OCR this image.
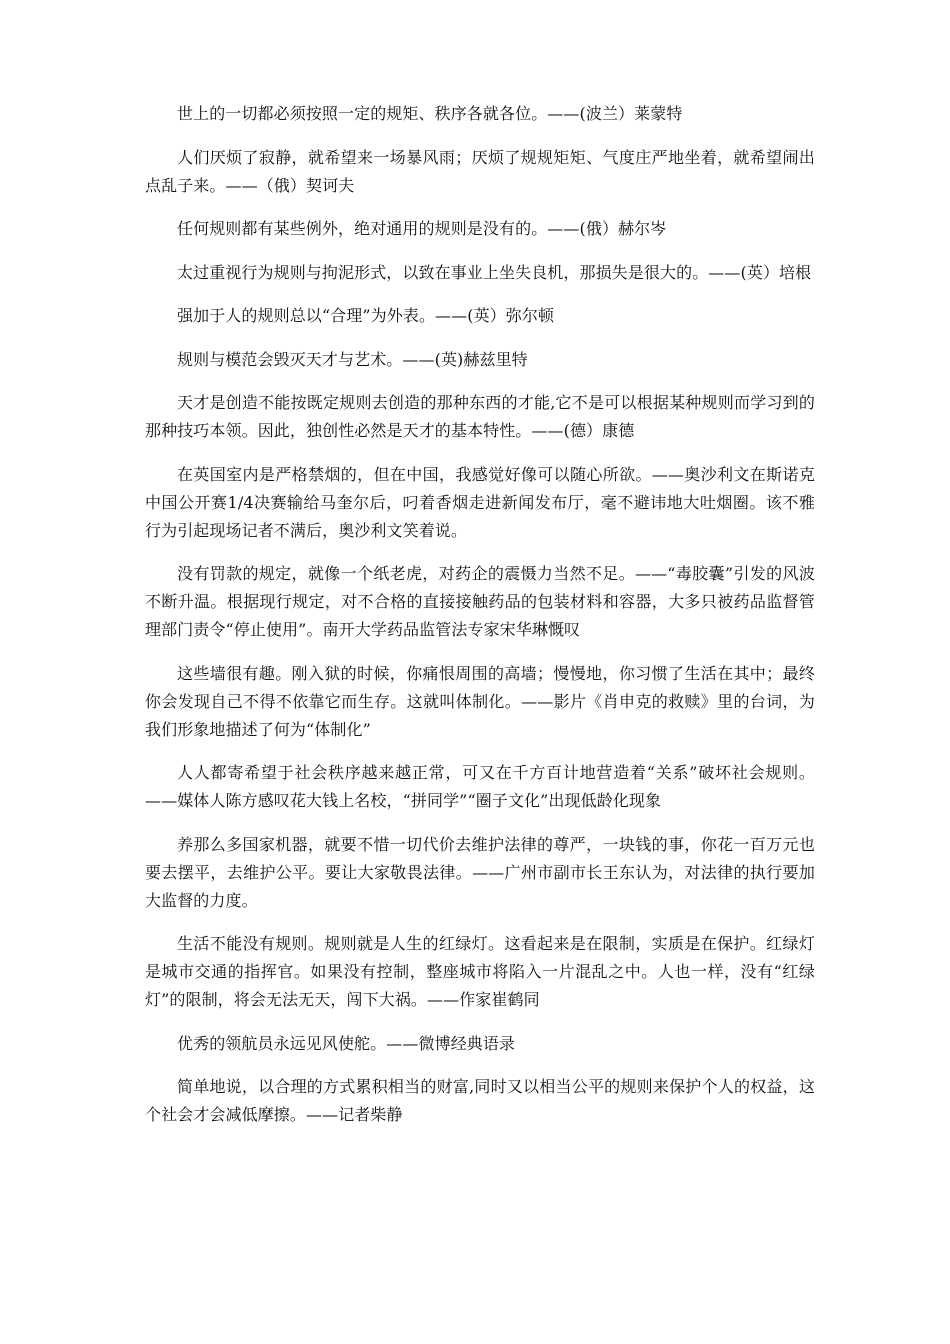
世上的一切都必须按照一定的规矩、秩序各就各位。——(波兰）莱蒙特

人们厌烦了寂静，就希望来一场暴风雨；厌烦了规规矩矩、气度庄严地坐着，就希望闹出点乱子来。——（俄）契诃夫

任何规则都有某些例外，绝对通用的规则是没有的。——(俄）赫尔岑

太过重视行为规则与拘泥形式，以致在事业上坐失良机，那损失是很大的。——(英）培根

强加于人的规则总以“合理”为外表。——(英）弥尔顿

规则与模范会毁灭天才与艺术。——(英)赫兹里特

天才是创造不能按既定规则去创造的那种东西的才能,它不是可以根据某种规则而学习到的那种技巧本领。因此，独创性必然是天才的基本特性。——(德）康德

在英国室内是严格禁烟的，但在中国，我感觉好像可以随心所欲。——奥沙利文在斯诺克中国公开赛1/4决赛输给马奎尔后，叼着香烟走进新闻发布厅，毫不避讳地大吐烟圈。该不雅行为引起现场记者不满后，奥沙利文笑着说。

没有罚款的规定，就像一个纸老虎，对药企的震慑力当然不足。——“毒胶囊”引发的风波不断升温。根据现行规定，对不合格的直接接触药品的包装材料和容器，大多只被药品监督管理部门责令“停止使用”。南开大学药品监管法专家宋华琳慨叹

这些墙很有趣。刚入狱的时候，你痛恨周围的高墙；慢慢地，你习惯了生活在其中；最终你会发现自己不得不依靠它而生存。这就叫体制化。——影片《肖申克的救赎》里的台词，为我们形象地描述了何为“体制化”

人人都寄希望于社会秩序越来越正常，可又在千方百计地营造着“关系”破坏社会规则。——媒体人陈方感叹花大钱上名校，“拼同学”“圈子文化”出现低龄化现象

养那么多国家机器，就要不惜一切代价去维护法律的尊严，一块钱的事，你花一百万元也要去摆平，去维护公平。要让大家敬畏法律。——广州市副市长王东认为，对法律的执行要加大监督的力度。

生活不能没有规则。规则就是人生的红绿灯。这看起来是在限制，实质是在保护。红绿灯是城市交通的指挥官。如果没有控制，整座城市将陷入一片混乱之中。人也一样，没有“红绿灯”的限制，将会无法无天，闯下大祸。——作家崔鹤同

优秀的领航员永远见风使舵。——微博经典语录

简单地说，以合理的方式累积相当的财富,同时又以相当公平的规则来保护个人的权益，这个社会才会减低摩擦。——记者柴静
